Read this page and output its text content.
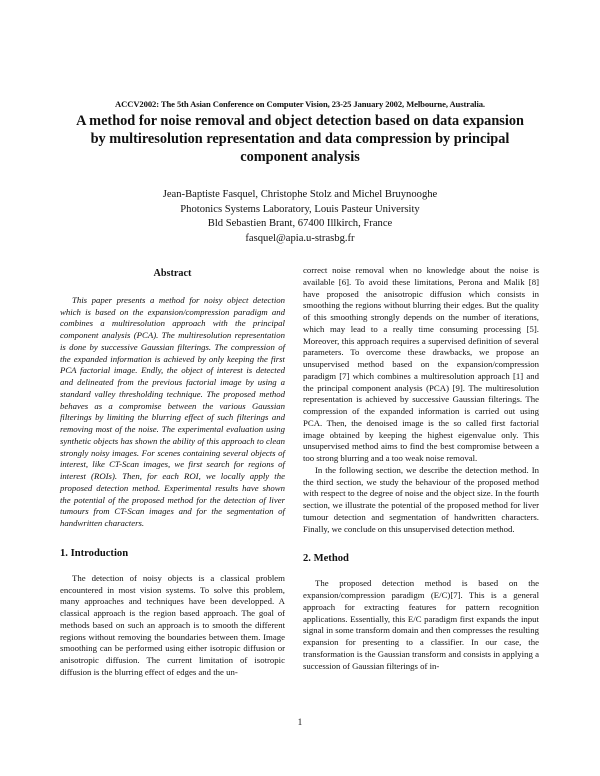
ACCV2002: The 5th Asian Conference on Computer Vision, 23-25 January 2002, Melbourne, Australia.
A method for noise removal and object detection based on data expansion by multiresolution representation and data compression by principal component analysis
Jean-Baptiste Fasquel, Christophe Stolz and Michel Bruynooghe
Photonics Systems Laboratory, Louis Pasteur University
Bld Sebastien Brant, 67400 Illkirch, France
fasquel@apia.u-strasbg.fr
Abstract

This paper presents a method for noisy object detection which is based on the expansion/compression paradigm and combines a multiresolution approach with the principal component analysis (PCA). The multiresolution representation is done by successive Gaussian filterings. The compression of the expanded information is achieved by only keeping the first PCA factorial image. Endly, the object of interest is detected and delineated from the previous factorial image by using a standard valley thresholding technique. The proposed method behaves as a compromise between the various Gaussian filterings by limiting the blurring effect of such filterings and removing most of the noise. The experimental evaluation using synthetic objects has shown the ability of this approach to clean strongly noisy images. For scenes containing several objects of interest, like CT-Scan images, we first search for regions of interest (ROIs). Then, for each ROI, we locally apply the proposed detection method. Experimental results have shown the potential of the proposed method for the detection of liver tumours from CT-Scan images and for the segmentation of handwritten characters.

1. Introduction

The detection of noisy objects is a classical problem encountered in most vision systems. To solve this problem, many approaches and techniques have been developped. A classical approach is the region based approach. The goal of methods based on such an approach is to smooth the different regions without removing the boundaries between them. Image smoothing can be performed using either isotropic diffusion or anisotropic diffusion. The current limitation of isotropic diffusion is the blurring effect of edges and the un-

correct noise removal when no knowledge about the noise is available [6]. To avoid these limitations, Perona and Malik [8] have proposed the anisotropic diffusion which consists in smoothing the regions without blurring their edges. But the quality of this smoothing strongly depends on the number of iterations, which may lead to a really time consuming processing [5]. Moreover, this approach requires a supervised definition of several parameters. To overcome these drawbacks, we propose an unsupervised method based on the expansion/compression paradigm [7] which combines a multiresolution approach [1] and the principal component analysis (PCA) [9]. The multiresolution representation is achieved by successive Gaussian filterings. The compression of the expanded information is carried out using PCA. Then, the denoised image is the so called first factorial image obtained by keeping the highest eigenvalue only. This unsupervised method aims to find the best compromise between a too strong blurring and a too weak noise removal.

In the following section, we describe the detection method. In the third section, we study the behaviour of the proposed method with respect to the degree of noise and the object size. In the fourth section, we illustrate the potential of the proposed method for liver tumour detection and segmentation of handwritten characters. Finally, we conclude on this unsupervised detection method.

2. Method

The proposed detection method is based on the expansion/compression paradigm (E/C)[7]. This is a general approach for extracting features for pattern recognition applications. Essentially, this E/C paradigm first expands the input signal in some transform domain and then compresses the resulting expansion for presenting to a classifier. In our case, the transformation is the Gaussian transform and consists in applying a succession of Gaussian filterings of in-

1
